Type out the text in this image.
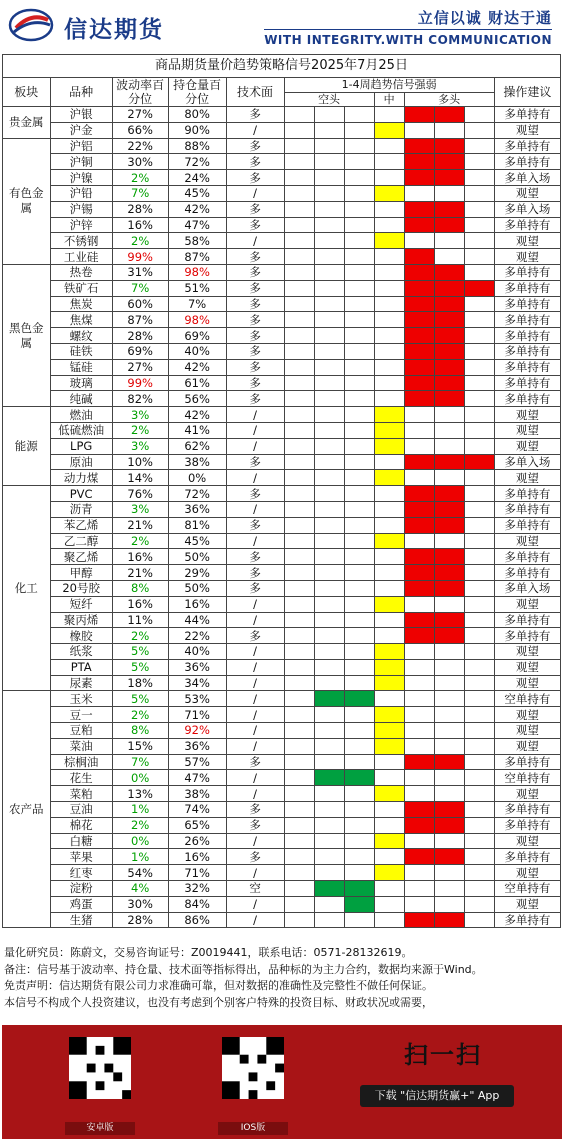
信达期货	立信以诚 财达于通
WITH INTEGRITY.WITH COMMUNICATION
商品期货量价趋势策略信号2025年7月25日												
板块	品种	波动率百分位	持仓量百分位	技术面	1-4周趋势信号强弱							操作建议
					空头			中	多头			
贵金属	沪银	27%	80%	多								多单持有
	沪金	66%	90%	/								观望
有色金属	沪铝	22%	88%	多								多单持有
	沪铜	30%	72%	多								多单持有
	沪镍	2%	24%	多								多单入场
	沪铅	7%	45%	/								观望
	沪锡	28%	42%	多								多单入场
	沪锌	16%	47%	多								多单持有
	不锈钢	2%	58%	/								观望
	工业硅	99%	87%	多								观望
黑色金属	热卷	31%	98%	多								多单持有
	铁矿石	7%	51%	多								多单持有
	焦炭	60%	7%	多								多单持有
	焦煤	87%	98%	多								多单持有
	螺纹	28%	69%	多								多单持有
	硅铁	69%	40%	多								多单持有
	锰硅	27%	42%	多								多单持有
	玻璃	99%	61%	多								多单持有
	纯碱	82%	56%	多								多单持有
能源	燃油	3%	42%	/								观望
	低硫燃油	2%	41%	/								观望
	LPG	3%	62%	/								观望
	原油	10%	38%	多								多单入场
	动力煤	14%	0%	/								观望
化工	PVC	76%	72%	多								多单持有
	沥青	3%	36%	/								多单持有
	苯乙烯	21%	81%	多								多单持有
	乙二醇	2%	45%	/								观望
	聚乙烯	16%	50%	多								多单持有
	甲醇	21%	29%	多								多单持有
	20号胶	8%	50%	多								多单入场
	短纤	16%	16%	/								观望
	聚丙烯	11%	44%	/								多单持有
	橡胶	2%	22%	多								多单持有
	纸浆	5%	40%	/								观望
	PTA	5%	36%	/								观望
	尿素	18%	34%	/								观望
农产品	玉米	5%	53%	/								空单持有
	豆一	2%	71%	/								观望
	豆粕	8%	92%	/								观望
	菜油	15%	36%	/								观望
	棕榈油	7%	57%	多								多单持有
	花生	0%	47%	/								空单持有
	菜粕	13%	38%	/								观望
	豆油	1%	74%	多								多单持有
	棉花	2%	65%	多								多单持有
	白糖	0%	26%	/								观望
	苹果	1%	16%	多								多单持有
	红枣	54%	71%	/								观望
	淀粉	4%	32%	空								空单持有
	鸡蛋	30%	84%	/								观望
	生猪	28%	86%	/								多单持有
量化研究员：陈蔚文，交易咨询证号：Z0019441，联系电话：0571-28132619。
备注：信号基于波动率、持仓量、技术面等指标得出，品种标的为主力合约，数据均来源于Wind。
免责声明：信达期货有限公司力求准确可靠，但对数据的准确性及完整性不做任何保证。
本信号不构成个人投资建议，也没有考虑到个别客户特殊的投资目标、财政状况或需要，
安卓版	IOS版
扫一扫
下载 "信达期货赢+" App
